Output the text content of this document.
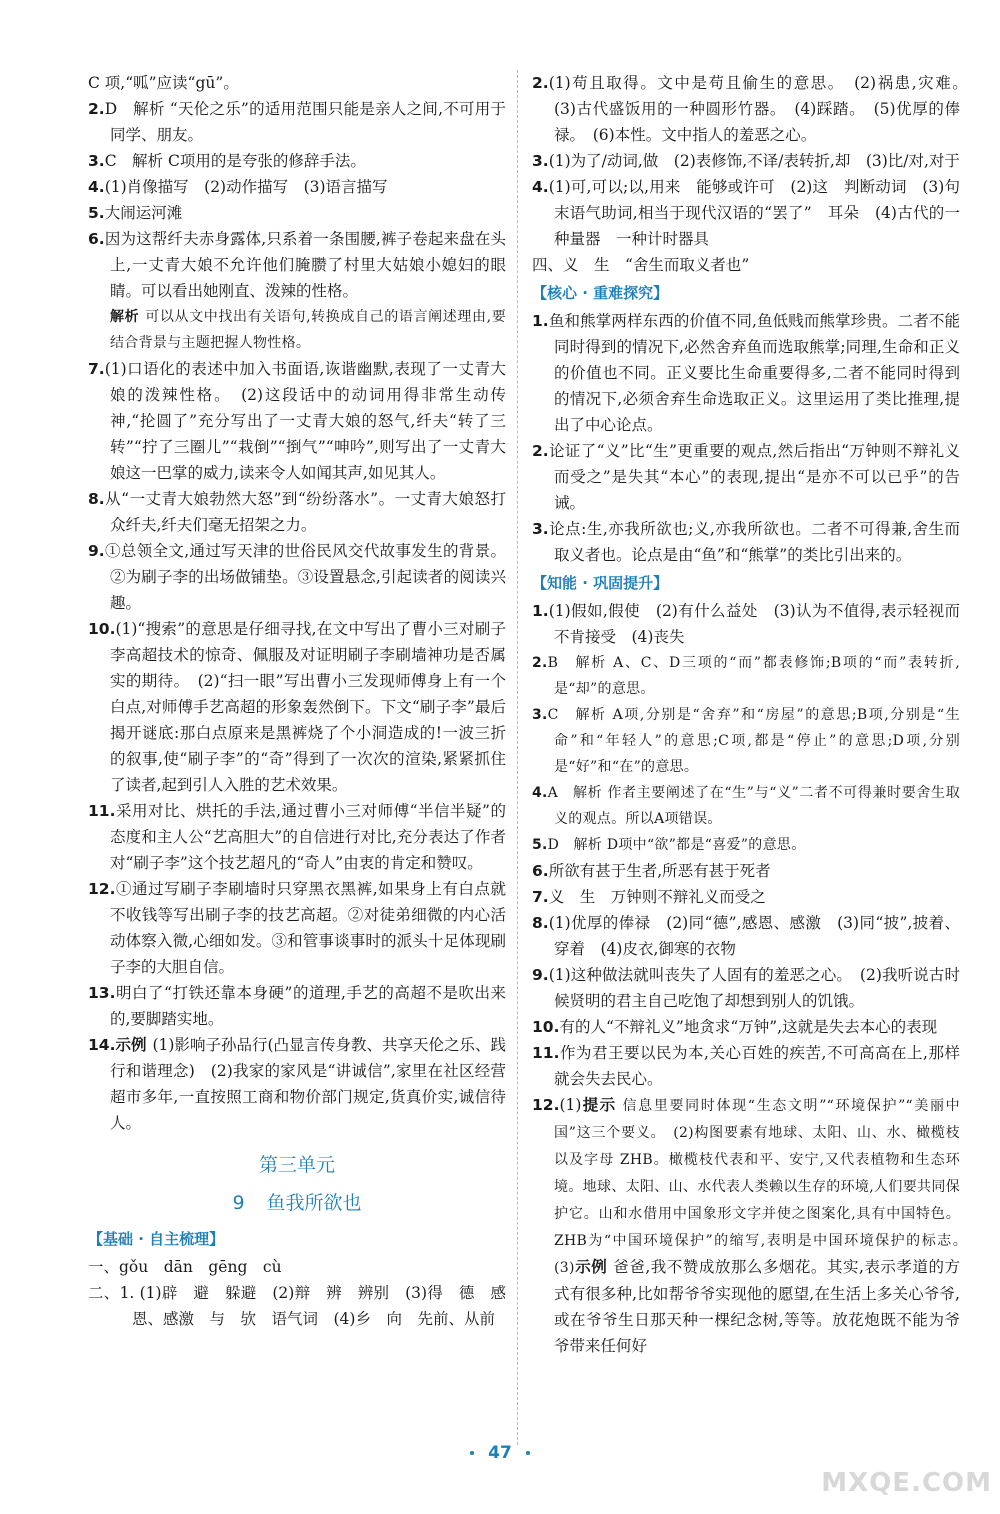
C 项,“呱”应读“gū”。

2.D　解析 “天伦之乐”的适用范围只能是亲人之间,不可用于同学、朋友。

3.C　解析 C项用的是夸张的修辞手法。

4.(1)肖像描写　(2)动作描写　(3)语言描写

5.大闹运河滩

6.因为这帮纤夫赤身露体,只系着一条围腰,裤子卷起来盘在头上,一丈青大娘不允许他们腌臜了村里大姑娘小媳妇的眼睛。可以看出她刚直、泼辣的性格。

解析 可以从文中找出有关语句,转换成自己的语言阐述理由,要结合背景与主题把握人物性格。

7.(1)口语化的表述中加入书面语,诙谐幽默,表现了一丈青大娘的泼辣性格。　(2)这段话中的动词用得非常生动传神,“抡圆了”充分写出了一丈青大娘的怒气,纤夫“转了三转”“拧了三圈儿”“栽倒”“捯气”“呻吟”,则写出了一丈青大娘这一巴掌的威力,读来令人如闻其声,如见其人。

8.从“一丈青大娘勃然大怒”到“纷纷落水”。一丈青大娘怒打众纤夫,纤夫们毫无招架之力。

9.①总领全文,通过写天津的世俗民风交代故事发生的背景。②为刷子李的出场做铺垫。③设置悬念,引起读者的阅读兴趣。

10.(1)“搜索”的意思是仔细寻找,在文中写出了曹小三对刷子李高超技术的惊奇、佩服及对证明刷子李刷墙神功是否属实的期待。　(2)“扫一眼”写出曹小三发现师傅身上有一个白点,对师傅手艺高超的形象轰然倒下。下文“刷子李”最后揭开谜底:那白点原来是黑裤烧了个小洞造成的!一波三折的叙事,使“刷子李”的“奇”得到了一次次的渲染,紧紧抓住了读者,起到引人入胜的艺术效果。

11.采用对比、烘托的手法,通过曹小三对师傅“半信半疑”的态度和主人公“艺高胆大”的自信进行对比,充分表达了作者对“刷子李”这个技艺超凡的“奇人”由衷的肯定和赞叹。

12.①通过写刷子李刷墙时只穿黑衣黑裤,如果身上有白点就不收钱等写出刷子李的技艺高超。②对徒弟细微的内心活动体察入微,心细如发。③和管事谈事时的派头十足体现刷子李的大胆自信。

13.明白了“打铁还靠本身硬”的道理,手艺的高超不是吹出来的,要脚踏实地。

14.示例 (1)影响子孙品行(凸显言传身教、共享天伦之乐、践行和谐理念)　(2)我家的家风是“讲诚信”,家里在社区经营超市多年,一直按照工商和物价部门规定,货真价实,诚信待人。

第三单元
9 鱼我所欲也
【基础 · 自主梳理】

一、gǒu　dān　gēng　cù

二、1. (1)辟　避　躲避　(2)辩　辨　辨别　(3)得　德　感恩、感激　与　欤　语气词　(4)乡　向　先前、从前

2.(1)苟且取得。文中是苟且偷生的意思。　(2)祸患,灾难。　(3)古代盛饭用的一种圆形竹器。　(4)踩踏。　(5)优厚的俸禄。　(6)本性。文中指人的羞恶之心。

3.(1)为了/动词,做　(2)表修饰,不译/表转折,却　(3)比/对,对于

4.(1)可,可以;以,用来　能够或许可　(2)这　判断动词　(3)句末语气助词,相当于现代汉语的“罢了”　耳朵　(4)古代的一种量器　一种计时器具

四、义　生　“舍生而取义者也”

【核心 · 重难探究】

1.鱼和熊掌两样东西的价值不同,鱼低贱而熊掌珍贵。二者不能同时得到的情况下,必然舍弃鱼而选取熊掌;同理,生命和正义的价值也不同。正义要比生命重要得多,二者不能同时得到的情况下,必须舍弃生命选取正义。这里运用了类比推理,提出了中心论点。

2.论证了“义”比“生”更重要的观点,然后指出“万钟则不辩礼义而受之”是失其“本心”的表现,提出“是亦不可以已乎”的告诫。

3.论点:生,亦我所欲也;义,亦我所欲也。二者不可得兼,舍生而取义者也。论点是由“鱼”和“熊掌”的类比引出来的。

【知能 · 巩固提升】

1.(1)假如,假使　(2)有什么益处　(3)认为不值得,表示轻视而不肯接受　(4)丧失

2.B　解析 A、C、D三项的“而”都表修饰;B项的“而”表转折,是“却”的意思。

3.C　解析 A项,分别是“舍弃”和“房屋”的意思;B项,分别是“生命”和“年轻人”的意思;C项,都是“停止”的意思;D项,分别是“好”和“在”的意思。

4.A　解析 作者主要阐述了在“生”与“义”二者不可得兼时要舍生取义的观点。所以A项错误。

5.D　解析 D项中“欲”都是“喜爱”的意思。

6.所欲有甚于生者,所恶有甚于死者

7.义　生　万钟则不辩礼义而受之

8.(1)优厚的俸禄　(2)同“德”,感恩、感激　(3)同“披”,披着、穿着　(4)皮衣,御寒的衣物

9.(1)这种做法就叫丧失了人固有的羞恶之心。　(2)我听说古时候贤明的君主自己吃饱了却想到别人的饥饿。

10.有的人“不辩礼义”地贪求“万钟”,这就是失去本心的表现

11.作为君王要以民为本,关心百姓的疾苦,不可高高在上,那样就会失去民心。

12.(1)提示 信息里要同时体现“生态文明”“环境保护”“美丽中国”这三个要义。　(2)构图要素有地球、太阳、山、水、橄榄枝以及字母 ZHB。橄榄枝代表和平、安宁,又代表植物和生态环境。地球、太阳、山、水代表人类赖以生存的环境,人们要共同保护它。山和水借用中国象形文字并使之图案化,具有中国特色。ZHB为“中国环境保护”的缩写,表明是中国环境保护的标志。　(3)示例 爸爸,我不赞成放那么多烟花。其实,表示孝道的方式有很多种,比如帮爷爷实现他的愿望,在生活上多关心爷爷,或在爷爷生日那天种一棵纪念树,等等。放花炮既不能为爷爷带来任何好

47
MXQE.COM
